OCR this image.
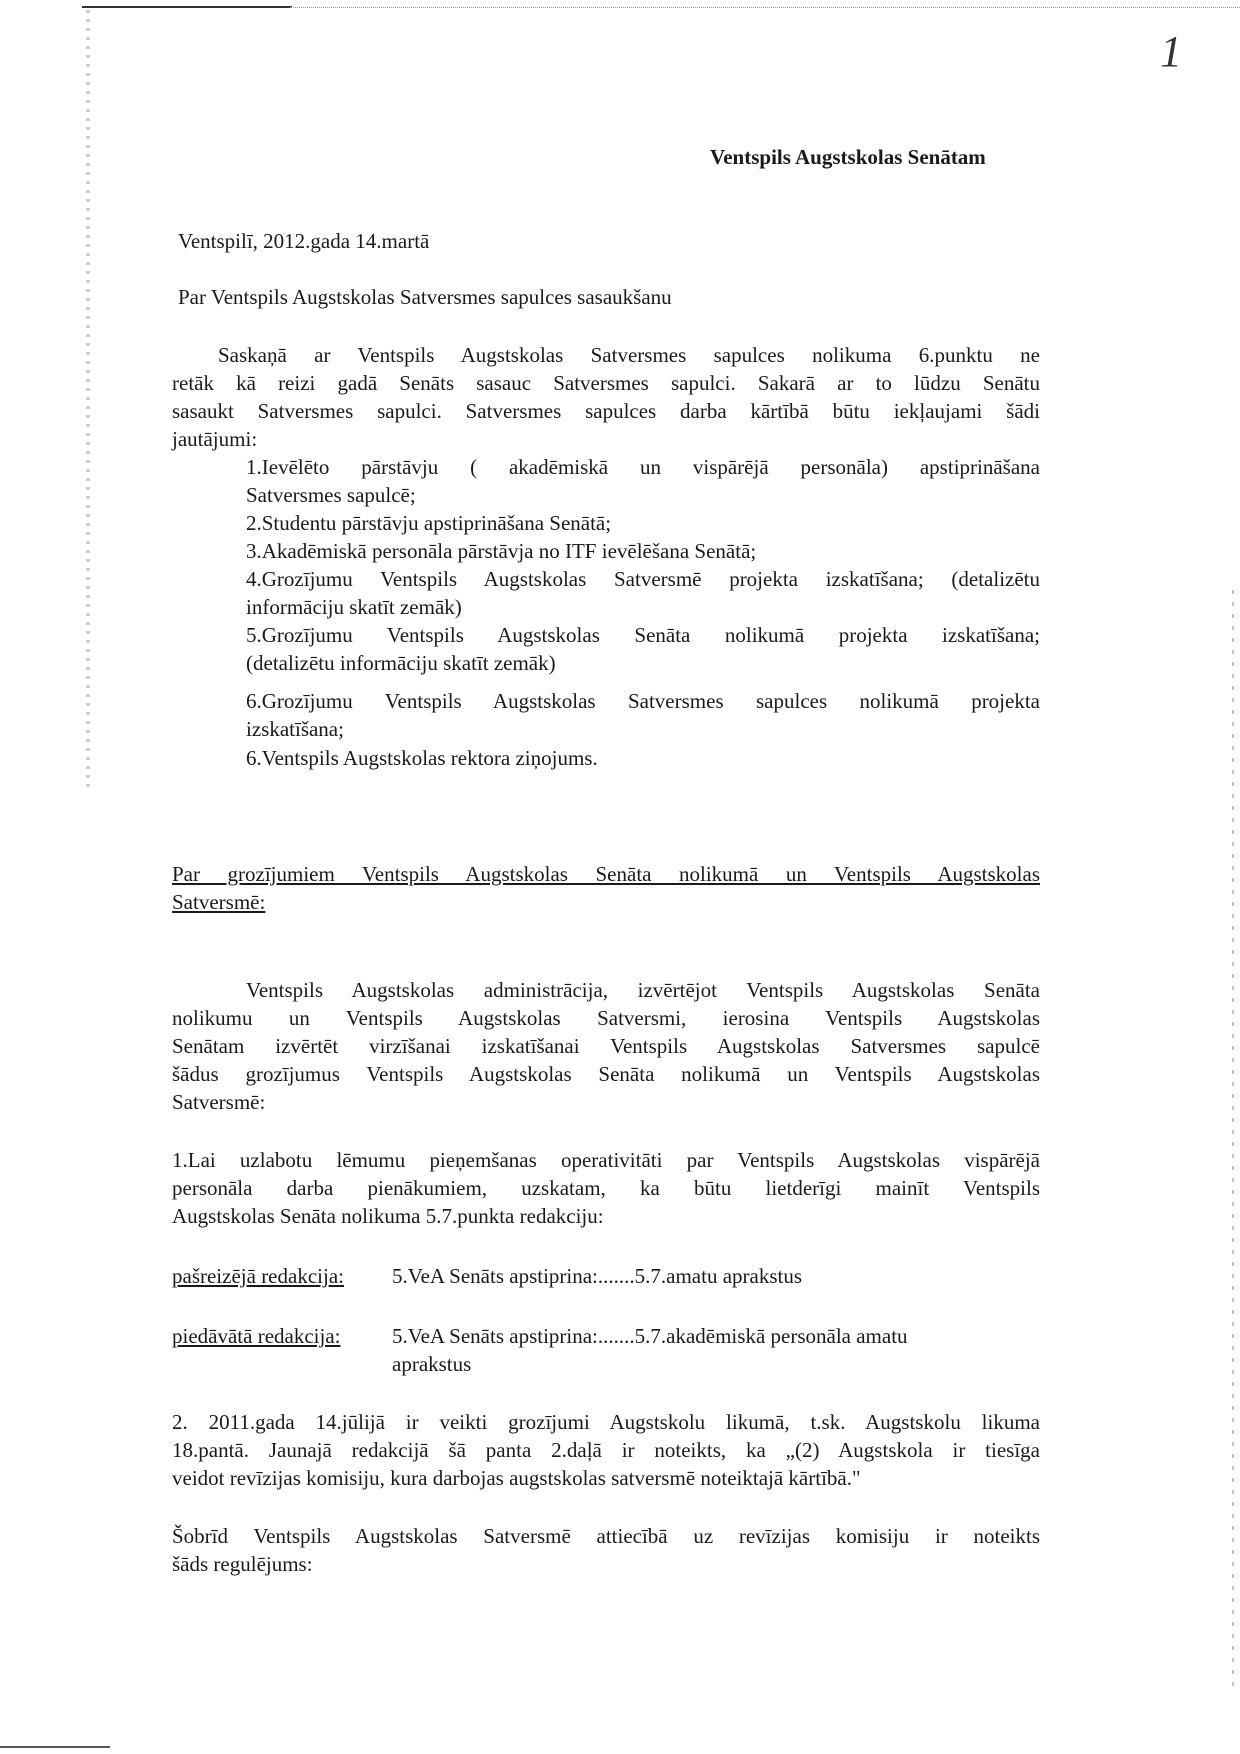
1
Ventspils Augstskolas Senātam
Ventspilī, 2012.gada 14.martā
Par Ventspils Augstskolas Satversmes sapulces sasaukšanu
Saskaņā ar Ventspils Augstskolas Satversmes sapulces nolikuma 6.punktu ne
retāk kā reizi gadā Senāts sasauc Satversmes sapulci. Sakarā ar to lūdzu Senātu
sasaukt Satversmes sapulci. Satversmes sapulces darba kārtībā būtu iekļaujami šādi
jautājumi:
1.Ievēlēto pārstāvju ( akadēmiskā un vispārējā personāla) apstiprināšana
Satversmes sapulcē;
2.Studentu pārstāvju apstiprināšana Senātā;
3.Akadēmiskā personāla pārstāvja no ITF ievēlēšana Senātā;
4.Grozījumu Ventspils Augstskolas Satversmē projekta izskatīšana; (detalizētu
informāciju skatīt zemāk)
5.Grozījumu Ventspils Augstskolas Senāta nolikumā projekta izskatīšana;
(detalizētu informāciju skatīt zemāk)
6.Grozījumu Ventspils Augstskolas Satversmes sapulces nolikumā projekta
izskatīšana;
6.Ventspils Augstskolas rektora ziņojums.
Par grozījumiem Ventspils Augstskolas Senāta nolikumā un Ventspils Augstskolas
Satversmē:
Ventspils Augstskolas administrācija, izvērtējot Ventspils Augstskolas Senāta
nolikumu un Ventspils Augstskolas Satversmi, ierosina Ventspils Augstskolas
Senātam izvērtēt virzīšanai izskatīšanai Ventspils Augstskolas Satversmes sapulcē
šādus grozījumus Ventspils Augstskolas Senāta nolikumā un Ventspils Augstskolas
Satversmē:
1.Lai uzlabotu lēmumu pieņemšanas operativitāti par Ventspils Augstskolas vispārējā
personāla darba pienākumiem, uzskatam, ka būtu lietderīgi mainīt Ventspils
Augstskolas Senāta nolikuma 5.7.punkta redakciju:
pašreizējā redakcija: 5.VeA Senāts apstiprina:.......5.7.amatu aprakstus
piedāvātā redakcija: 5.VeA Senāts apstiprina:.......5.7.akadēmiskā personāla amatu
aprakstus
2. 2011.gada 14.jūlijā ir veikti grozījumi Augstskolu likumā, t.sk. Augstskolu likuma
18.pantā. Jaunajā redakcijā šā panta 2.daļā ir noteikts, ka „(2) Augstskola ir tiesīga
veidot revīzijas komisiju, kura darbojas augstskolas satversmē noteiktajā kārtībā."
Šobrīd Ventspils Augstskolas Satversmē attiecībā uz revīzijas komisiju ir noteikts
šāds regulējums:
